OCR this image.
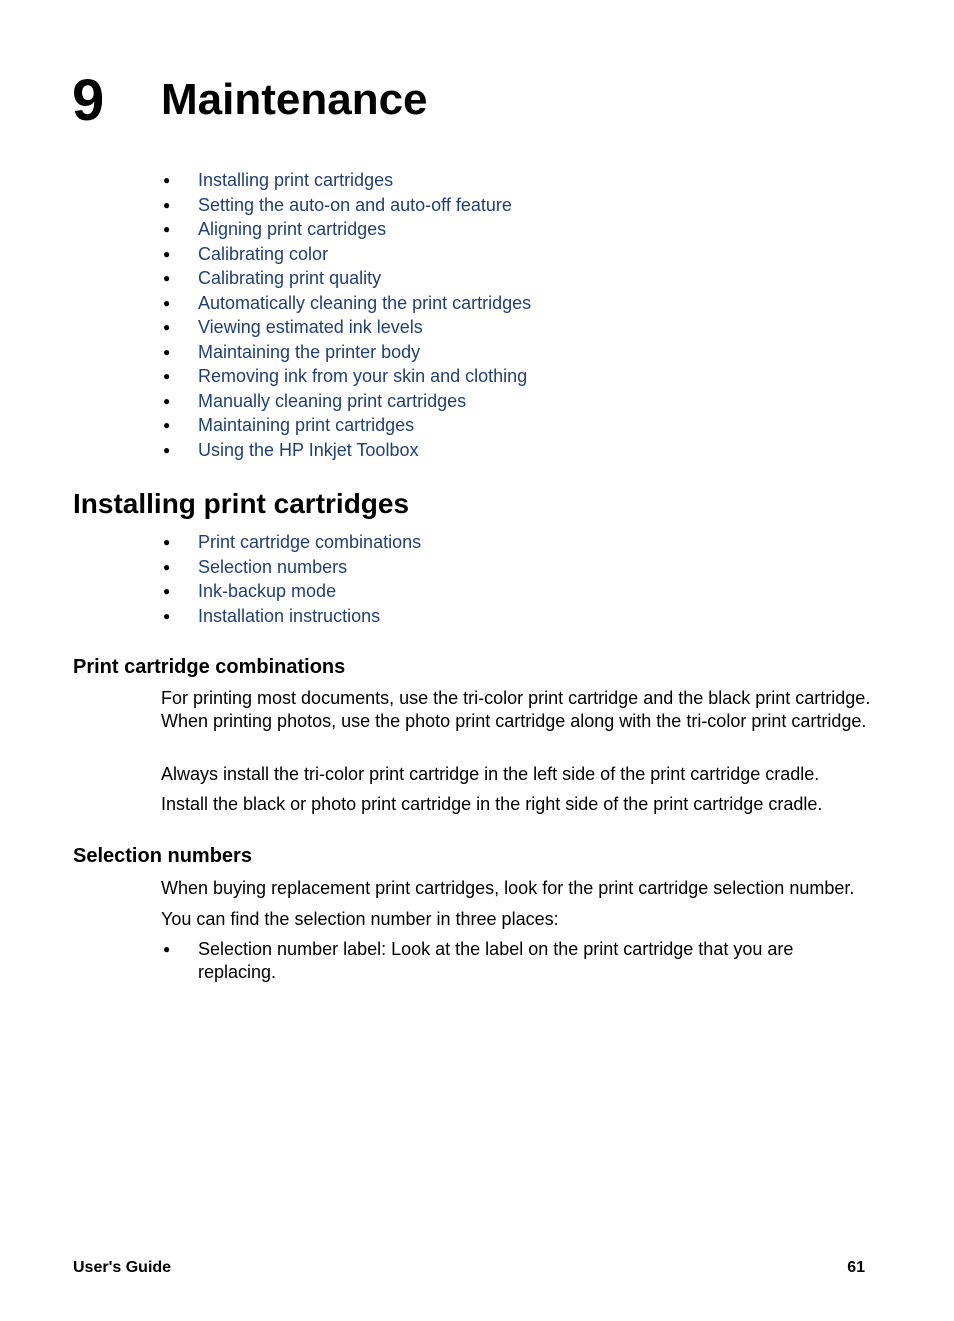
9 Maintenance
● Installing print cartridges
● Setting the auto-on and auto-off feature
● Aligning print cartridges
● Calibrating color
● Calibrating print quality
● Automatically cleaning the print cartridges
● Viewing estimated ink levels
● Maintaining the printer body
● Removing ink from your skin and clothing
● Manually cleaning print cartridges
● Maintaining print cartridges
● Using the HP Inkjet Toolbox
Installing print cartridges
● Print cartridge combinations
● Selection numbers
● Ink-backup mode
● Installation instructions
Print cartridge combinations

For printing most documents, use the tri-color print cartridge and the black print cartridge. When printing photos, use the photo print cartridge along with the tri-color print cartridge.

Always install the tri-color print cartridge in the left side of the print cartridge cradle.

Install the black or photo print cartridge in the right side of the print cartridge cradle.

Selection numbers

When buying replacement print cartridges, look for the print cartridge selection number.

You can find the selection number in three places:

● Selection number label: Look at the label on the print cartridge that you are replacing.
User's Guide	61
